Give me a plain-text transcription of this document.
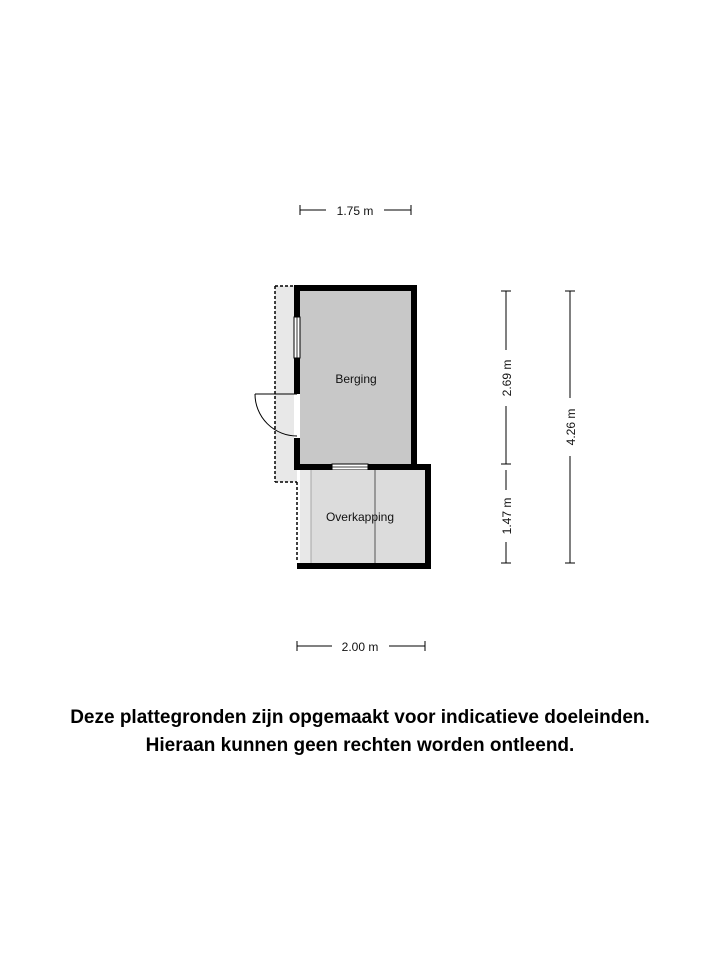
Berging
Overkapping
1.75 m
2.00 m
2.69 m
1.47 m
4.26 m
Deze plattegronden zijn opgemaakt voor indicatieve doeleinden.
Hieraan kunnen geen rechten worden ontleend.
